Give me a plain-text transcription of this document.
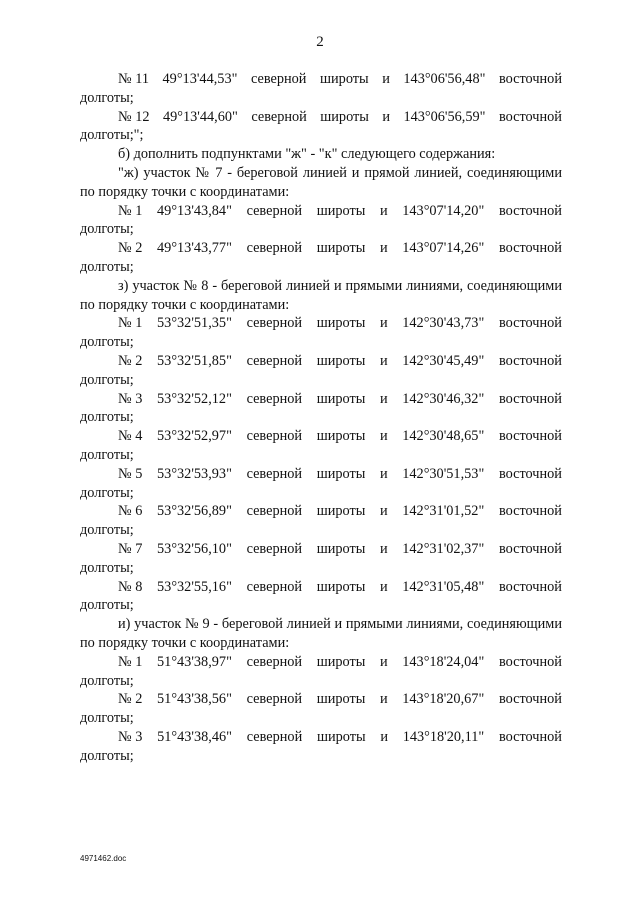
2
№ 11 49°13'44,53" северной широты и 143°06'56,48" восточной
долготы;
№ 12 49°13'44,60" северной широты и 143°06'56,59" восточной
долготы;";

б) дополнить подпунктами "ж" - "к" следующего содержания:

"ж) участок № 7 - береговой линией и прямой линией, соединяющими по порядку точки с координатами:

№ 1 49°13'43,84" северной широты и 143°07'14,20" восточной
долготы;
№ 2 49°13'43,77" северной широты и 143°07'14,26" восточной
долготы;

з) участок № 8 - береговой линией и прямыми линиями, соединяющими по порядку точки с координатами:

№ 1 53°32'51,35" северной широты и 142°30'43,73" восточной
долготы;
№ 2 53°32'51,85" северной широты и 142°30'45,49" восточной
долготы;
№ 3 53°32'52,12" северной широты и 142°30'46,32" восточной
долготы;
№ 4 53°32'52,97" северной широты и 142°30'48,65" восточной
долготы;
№ 5 53°32'53,93" северной широты и 142°30'51,53" восточной
долготы;
№ 6 53°32'56,89" северной широты и 142°31'01,52" восточной
долготы;
№ 7 53°32'56,10" северной широты и 142°31'02,37" восточной
долготы;
№ 8 53°32'55,16" северной широты и 142°31'05,48" восточной
долготы;

и) участок № 9 - береговой линией и прямыми линиями, соединяющими по порядку точки с координатами:

№ 1 51°43'38,97" северной широты и 143°18'24,04" восточной
долготы;
№ 2 51°43'38,56" северной широты и 143°18'20,67" восточной
долготы;
№ 3 51°43'38,46" северной широты и 143°18'20,11" восточной
долготы;
4971462.doc
